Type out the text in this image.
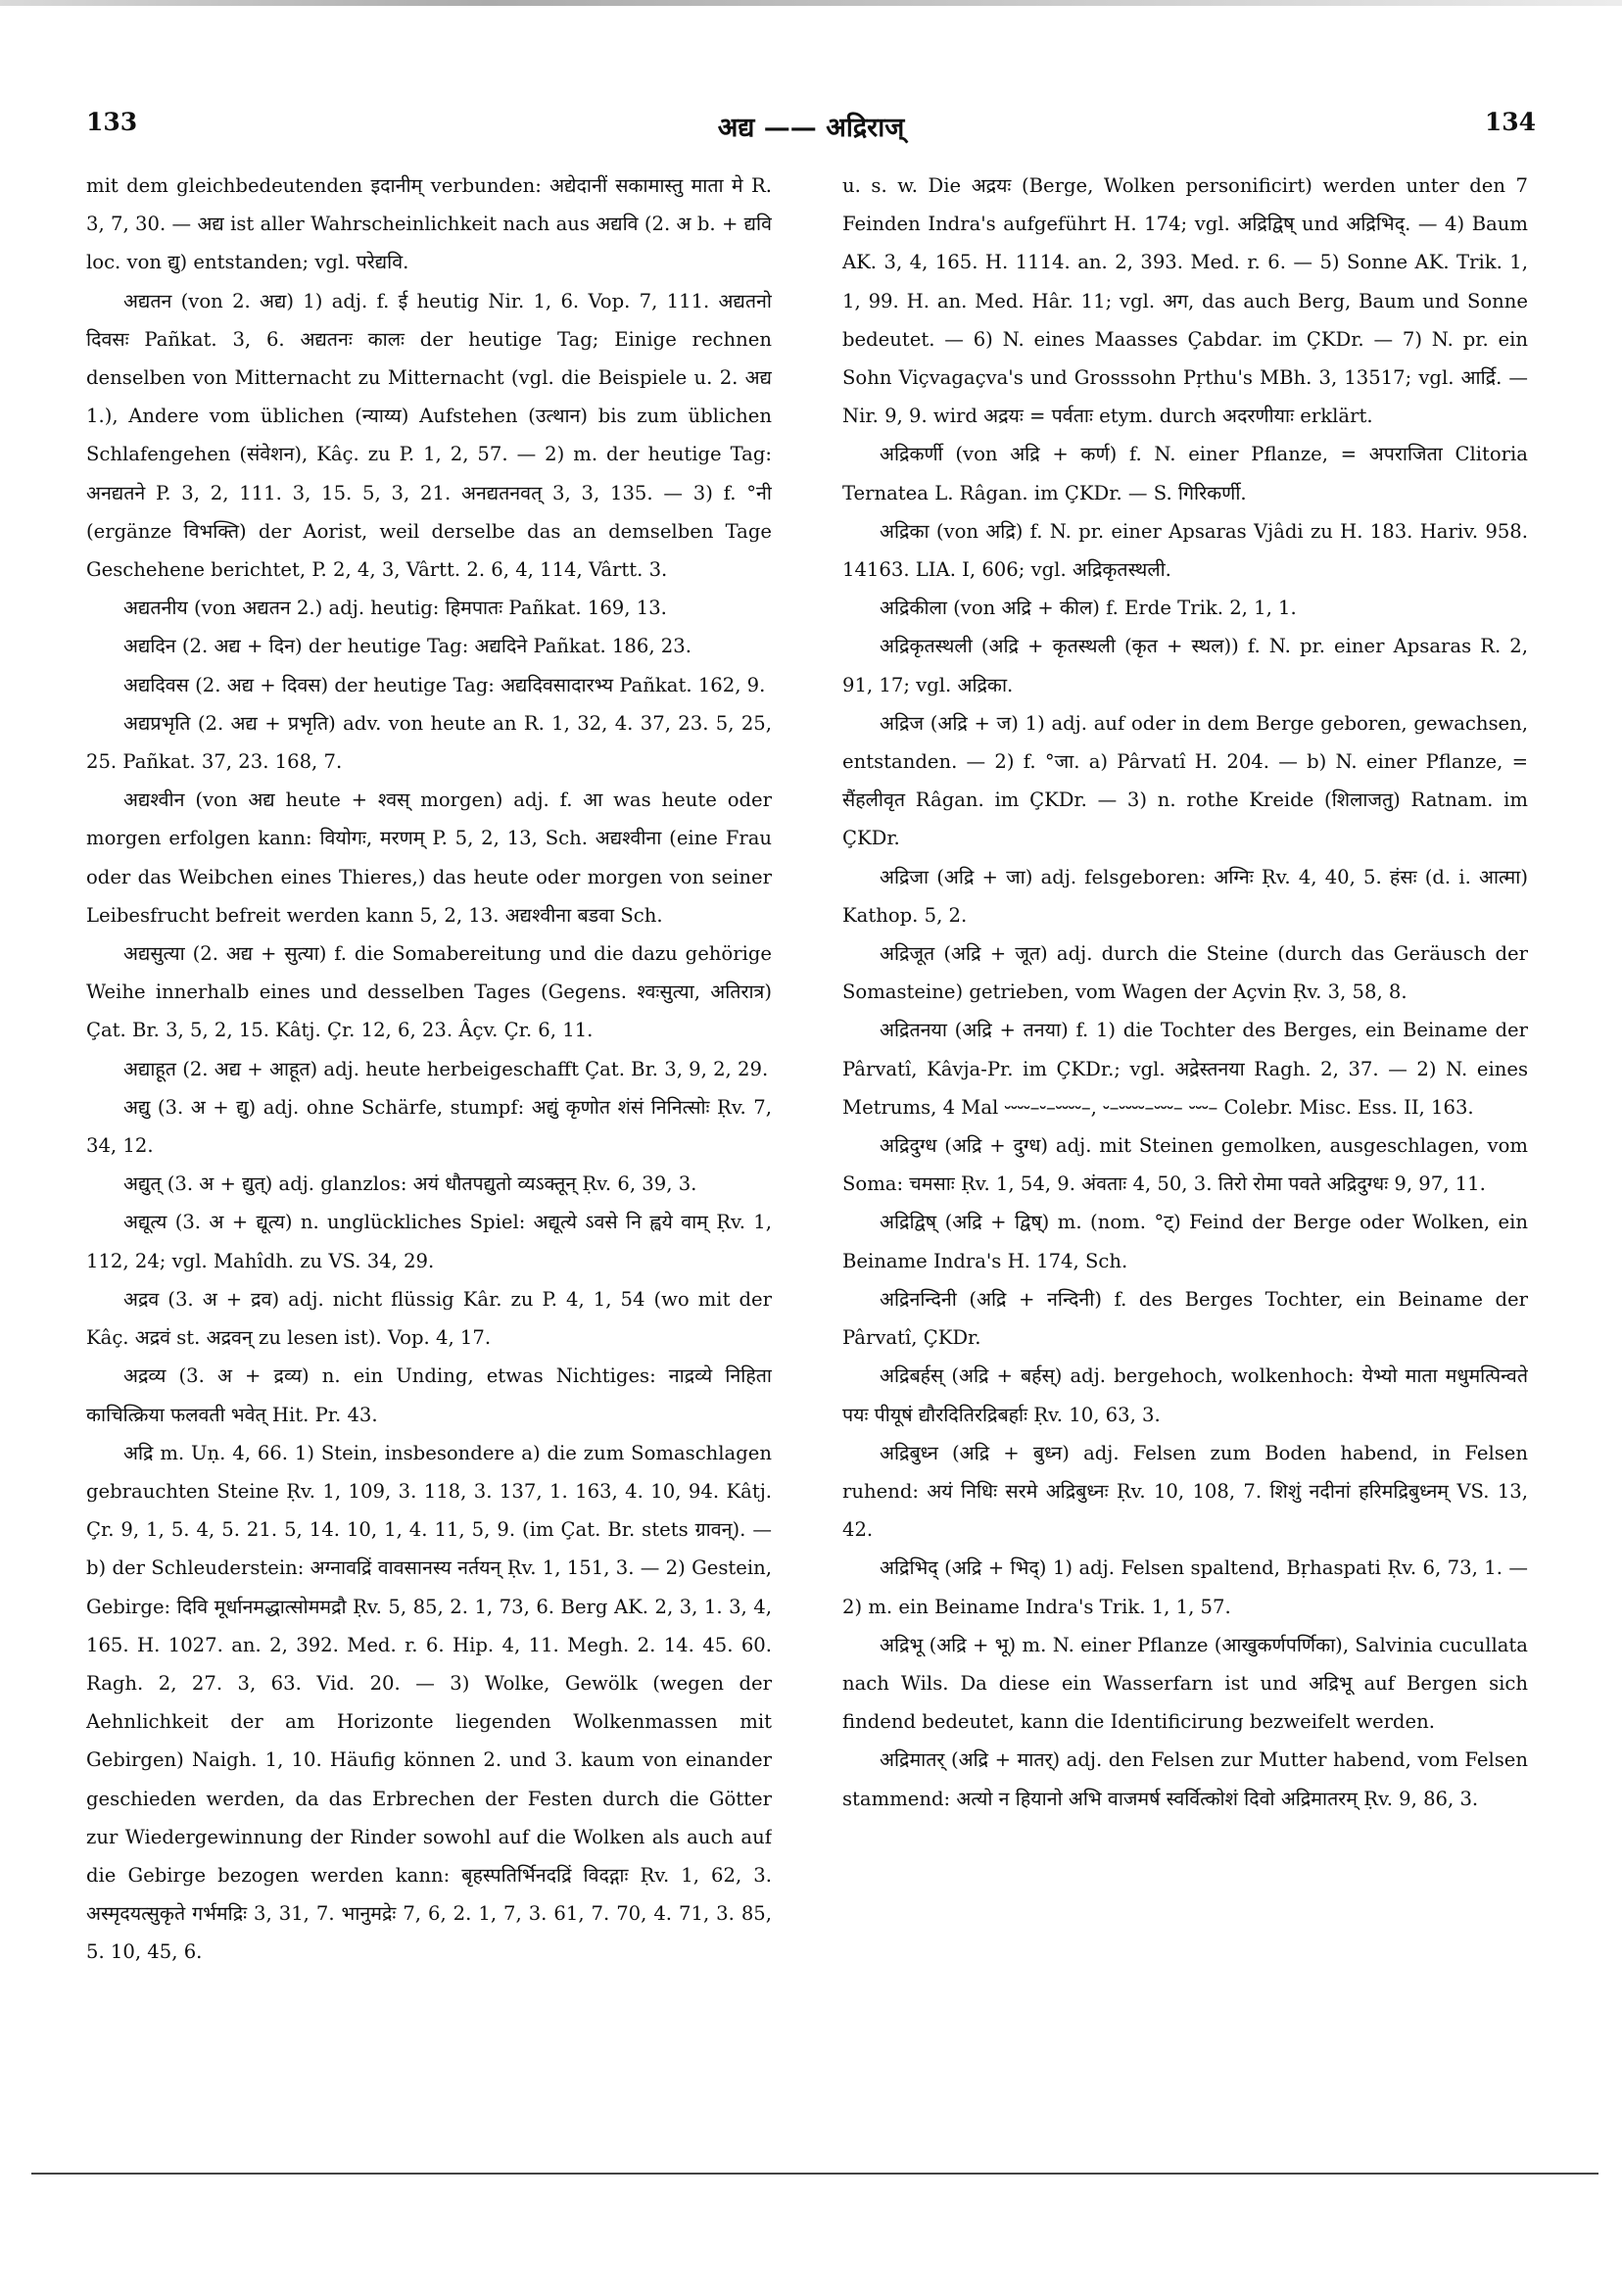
133	अद्य —— अद्रिराज्	134

mit dem gleichbedeutenden इदानीम् verbunden: अद्येदानीं सकामास्तु माता मे R. 3, 7, 30. — अद्य ist aller Wahrscheinlichkeit nach aus अद्यवि (2. अ b. + द्यवि loc. von द्यु) entstanden; vgl. परेद्यवि.

अद्यतन (von 2. अद्य) 1) adj. f. ई heutig Nir. 1, 6. Vop. 7, 111. अद्यतनो दिवसः Pañkat. 3, 6. अद्यतनः कालः der heutige Tag; Einige rechnen denselben von Mitternacht zu Mitternacht (vgl. die Beispiele u. 2. अद्य 1.), Andere vom üblichen (न्याय्य) Aufstehen (उत्थान) bis zum üblichen Schlafengehen (संवेशन), Kâç. zu P. 1, 2, 57. — 2) m. der heutige Tag: अनद्यतने P. 3, 2, 111. 3, 15. 5, 3, 21. अनद्यतनवत् 3, 3, 135. — 3) f. °नी (ergänze विभक्ति) der Aorist, weil derselbe das an demselben Tage Geschehene berichtet, P. 2, 4, 3, Vârtt. 2. 6, 4, 114, Vârtt. 3.

अद्यतनीय (von अद्यतन 2.) adj. heutig: हिमपातः Pañkat. 169, 13.

अद्यदिन (2. अद्य + दिन) der heutige Tag: अद्यदिने Pañkat. 186, 23.

अद्यदिवस (2. अद्य + दिवस) der heutige Tag: अद्यदिवसादारभ्य Pañkat. 162, 9.

अद्यप्रभृति (2. अद्य + प्रभृति) adv. von heute an R. 1, 32, 4. 37, 23. 5, 25, 25. Pañkat. 37, 23. 168, 7.

अद्यश्वीन (von अद्य heute + श्वस् morgen) adj. f. आ was heute oder morgen erfolgen kann: वियोगः, मरणम् P. 5, 2, 13, Sch. अद्यश्वीना (eine Frau oder das Weibchen eines Thieres,) das heute oder morgen von seiner Leibesfrucht befreit werden kann 5, 2, 13. अद्यश्वीना बडवा Sch.

अद्यसुत्या (2. अद्य + सुत्या) f. die Somabereitung und die dazu gehörige Weihe innerhalb eines und desselben Tages (Gegens. श्वःसुत्या, अतिरात्र) Çat. Br. 3, 5, 2, 15. Kâtj. Çr. 12, 6, 23. Âçv. Çr. 6, 11.

अद्याहूत (2. अद्य + आहूत) adj. heute herbeigeschafft Çat. Br. 3, 9, 2, 29.

अद्यु (3. अ + द्यु) adj. ohne Schärfe, stumpf: अद्युं कृणोत शंसं निनित्सोः Ṛv. 7, 34, 12.

अद्युत् (3. अ + द्युत्) adj. glanzlos: अयं धौतपद्युतो व्यऽक्तून् Ṛv. 6, 39, 3.

अद्यूत्य (3. अ + द्यूत्य) n. unglückliches Spiel: अद्यूत्ये ऽवसे नि ह्वये वाम् Ṛv. 1, 112, 24; vgl. Mahîdh. zu VS. 34, 29.

अद्रव (3. अ + द्रव) adj. nicht flüssig Kâr. zu P. 4, 1, 54 (wo mit der Kâç. अद्रवं st. अद्रवन् zu lesen ist). Vop. 4, 17.

अद्रव्य (3. अ + द्रव्य) n. ein Unding, etwas Nichtiges: नाद्रव्ये निहिता काचित्क्रिया फलवती भवेत् Hit. Pr. 43.

अद्रि m. Uṇ. 4, 66. 1) Stein, insbesondere a) die zum Somaschlagen gebrauchten Steine Ṛv. 1, 109, 3. 118, 3. 137, 1. 163, 4. 10, 94. Kâtj. Çr. 9, 1, 5. 4, 5. 21. 5, 14. 10, 1, 4. 11, 5, 9. (im Çat. Br. stets ग्रावन्). — b) der Schleuderstein: अग्नावद्रिं वावसानस्य नर्तयन् Ṛv. 1, 151, 3. — 2) Gestein, Gebirge: दिवि मूर्धानमद्धात्सोममद्रौ Ṛv. 5, 85, 2. 1, 73, 6. Berg AK. 2, 3, 1. 3, 4, 165. H. 1027. an. 2, 392. Med. r. 6. Hip. 4, 11. Megh. 2. 14. 45. 60. Ragh. 2, 27. 3, 63. Vid. 20. — 3) Wolke, Gewölk (wegen der Aehnlichkeit der am Horizonte liegenden Wolkenmassen mit Gebirgen) Naigh. 1, 10. Häufig können 2. und 3. kaum von einander geschieden werden, da das Erbrechen der Festen durch die Götter zur Wiedergewinnung der Rinder sowohl auf die Wolken als auch auf die Gebirge bezogen werden kann: बृहस्पतिर्भिनदद्रिं विदद्गाः Ṛv. 1, 62, 3. अस्मृदयत्सुकृते गर्भमद्रिः 3, 31, 7. भानुमद्रेः 7, 6, 2. 1, 7, 3. 61, 7. 70, 4. 71, 3. 85, 5. 10, 45, 6.

u. s. w. Die अद्रयः (Berge, Wolken personificirt) werden unter den 7 Feinden Indra's aufgeführt H. 174; vgl. अद्रिद्विष् und अद्रिभिद्. — 4) Baum AK. 3, 4, 165. H. 1114. an. 2, 393. Med. r. 6. — 5) Sonne AK. Trik. 1, 1, 99. H. an. Med. Hâr. 11; vgl. अग, das auch Berg, Baum und Sonne bedeutet. — 6) N. eines Maasses Çabdar. im ÇKDr. — 7) N. pr. ein Sohn Viçvagaçva's und Grosssohn Pṛthu's MBh. 3, 13517; vgl. आर्द्रि. — Nir. 9, 9. wird अद्रयः = पर्वताः etym. durch अदरणीयाः erklärt.

अद्रिकर्णी (von अद्रि + कर्ण) f. N. einer Pflanze, = अपराजिता Clitoria Ternatea L. Râgan. im ÇKDr. — S. गिरिकर्णी.

अद्रिका (von अद्रि) f. N. pr. einer Apsaras Vjâdi zu H. 183. Hariv. 958. 14163. LIA. I, 606; vgl. अद्रिकृतस्थली.

अद्रिकीला (von अद्रि + कील) f. Erde Trik. 2, 1, 1.

अद्रिकृतस्थली (अद्रि + कृतस्थली (कृत + स्थल)) f. N. pr. einer Apsaras R. 2, 91, 17; vgl. अद्रिका.

अद्रिज (अद्रि + ज) 1) adj. auf oder in dem Berge geboren, gewachsen, entstanden. — 2) f. °जा. a) Pârvatî H. 204. — b) N. einer Pflanze, = सैंहलीवृत Râgan. im ÇKDr. — 3) n. rothe Kreide (शिलाजतु) Ratnam. im ÇKDr.

अद्रिजा (अद्रि + जा) adj. felsgeboren: अग्निः Ṛv. 4, 40, 5. हंसः (d. i. आत्मा) Kathop. 5, 2.

अद्रिजूत (अद्रि + जूत) adj. durch die Steine (durch das Geräusch der Somasteine) getrieben, vom Wagen der Açvin Ṛv. 3, 58, 8.

अद्रितनया (अद्रि + तनया) f. 1) die Tochter des Berges, ein Beiname der Pârvatî, Kâvja-Pr. im ÇKDr.; vgl. अद्रेस्तनया Ragh. 2, 37. — 2) N. eines Metrums, 4 Mal ⏑⏑⏑⏑–⏑–⏑⏑⏑⏑–, ⏑–⏑⏑⏑⏑–⏑⏑⏑– ⏑⏑⏑– Colebr. Misc. Ess. II, 163.

अद्रिदुग्ध (अद्रि + दुग्ध) adj. mit Steinen gemolken, ausgeschlagen, vom Soma: चमसाः Ṛv. 1, 54, 9. अंवताः 4, 50, 3. तिरो रोमा पवते अद्रिदुग्धः 9, 97, 11.

अद्रिद्विष् (अद्रि + द्विष्) m. (nom. °ट्) Feind der Berge oder Wolken, ein Beiname Indra's H. 174, Sch.

अद्रिनन्दिनी (अद्रि + नन्दिनी) f. des Berges Tochter, ein Beiname der Pârvatî, ÇKDr.

अद्रिबर्हस् (अद्रि + बर्हस्) adj. bergehoch, wolkenhoch: येभ्यो माता मधुमत्पिन्वते पयः पीयूषं द्यौरदितिरद्रिबर्हाः Ṛv. 10, 63, 3.

अद्रिबुध्न (अद्रि + बुध्न) adj. Felsen zum Boden habend, in Felsen ruhend: अयं निधिः सरमे अद्रिबुध्नः Ṛv. 10, 108, 7. शिशुं नदीनां हरिमद्रिबुध्नम् VS. 13, 42.

अद्रिभिद् (अद्रि + भिद्) 1) adj. Felsen spaltend, Bṛhaspati Ṛv. 6, 73, 1. — 2) m. ein Beiname Indra's Trik. 1, 1, 57.

अद्रिभू (अद्रि + भू) m. N. einer Pflanze (आखुकर्णपर्णिका), Salvinia cucullata nach Wils. Da diese ein Wasserfarn ist und अद्रिभू auf Bergen sich findend bedeutet, kann die Identificirung bezweifelt werden.

अद्रिमातर् (अद्रि + मातर्) adj. den Felsen zur Mutter habend, vom Felsen stammend: अत्यो न हियानो अभि वाजमर्ष स्वर्वित्कोशं दिवो अद्रिमातरम् Ṛv. 9, 86, 3.
